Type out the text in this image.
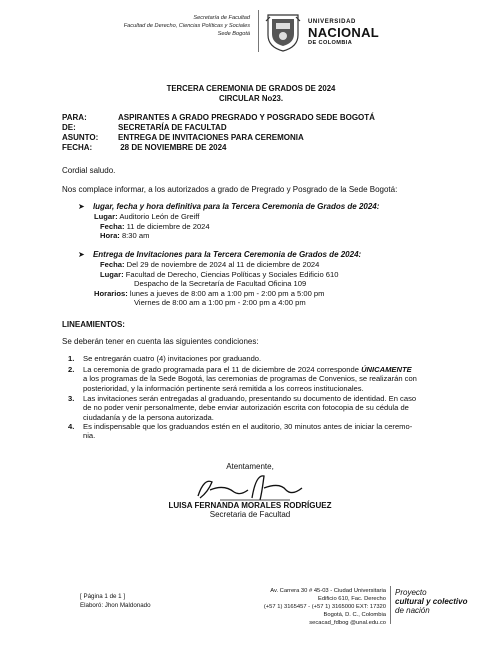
Secretaría de Facultad
Facultad de Derecho, Ciencias Políticas y Sociales
Sede Bogotá
UNIVERSIDAD
NACIONAL
DE COLOMBIA
TERCERA CEREMONIA DE GRADOS DE 2024
CIRCULAR No23.
PARA:	ASPIRANTES A GRADO PREGRADO Y POSGRADO SEDE BOGOTÁ
DE:	SECRETARÍA DE FACULTAD
ASUNTO: ENTREGA DE INVITACIONES PARA CEREMONIA
FECHA:	28 DE NOVIEMBRE DE 2024
Cordial saludo.
Nos complace informar, a los autorizados a grado de Pregrado y Posgrado de la Sede Bogotá:
➤ lugar, fecha y hora definitiva para la Tercera Ceremonia de Grados de 2024:
Lugar: Auditorio León de Greiff
Fecha: 11 de diciembre de 2024
Hora: 8:30 am
➤ Entrega de Invitaciones para la Tercera Ceremonia de Grados de 2024:
Fecha: Del 29 de noviembre de 2024 al 11 de diciembre de 2024
Lugar: Facultad de Derecho, Ciencias Políticas y Sociales Edificio 610
Despacho de la Secretaría de Facultad Oficina 109
Horarios: lunes a jueves de 8:00 am a 1:00 pm - 2:00 pm a 5:00 pm
Viernes de 8:00 am a 1:00 pm - 2:00 pm a 4:00 pm
LINEAMIENTOS:
Se deberán tener en cuenta las siguientes condiciones:
1. Se entregarán cuatro (4) invitaciones por graduando.
2. La ceremonia de grado programada para el 11 de diciembre de 2024 corresponde ÚNICAMENTE
a los programas de la Sede Bogotá, las ceremonias de programas de Convenios, se realizarán con
posterioridad, y la información pertinente será remitida a los correos institucionales.
3. Las invitaciones serán entregadas al graduando, presentando su documento de identidad. En caso
de no poder venir personalmente, debe enviar autorización escrita con fotocopia de su cédula de
ciudadanía y de la persona autorizada.
4. Es indispensable que los graduandos estén en el auditorio, 30 minutos antes de iniciar la ceremo-
nia.
Atentamente,
LUISA FERNANDA MORALES RODRÍGUEZ
Secretaria de Facultad
[ Página 1 de 1 ]
Elaboró: Jhon Maldonado
Av. Carrera 30 # 45-03 - Ciudad Universitaria
Edificio 610, Fac. Derecho
(+57 1) 3165457 - (+57 1) 3165000 EXT: 17320
Bogotá, D. C., Colombia
secacad_fdbog @unal.edu.co
Proyecto
cultural y colectivo
de nación
